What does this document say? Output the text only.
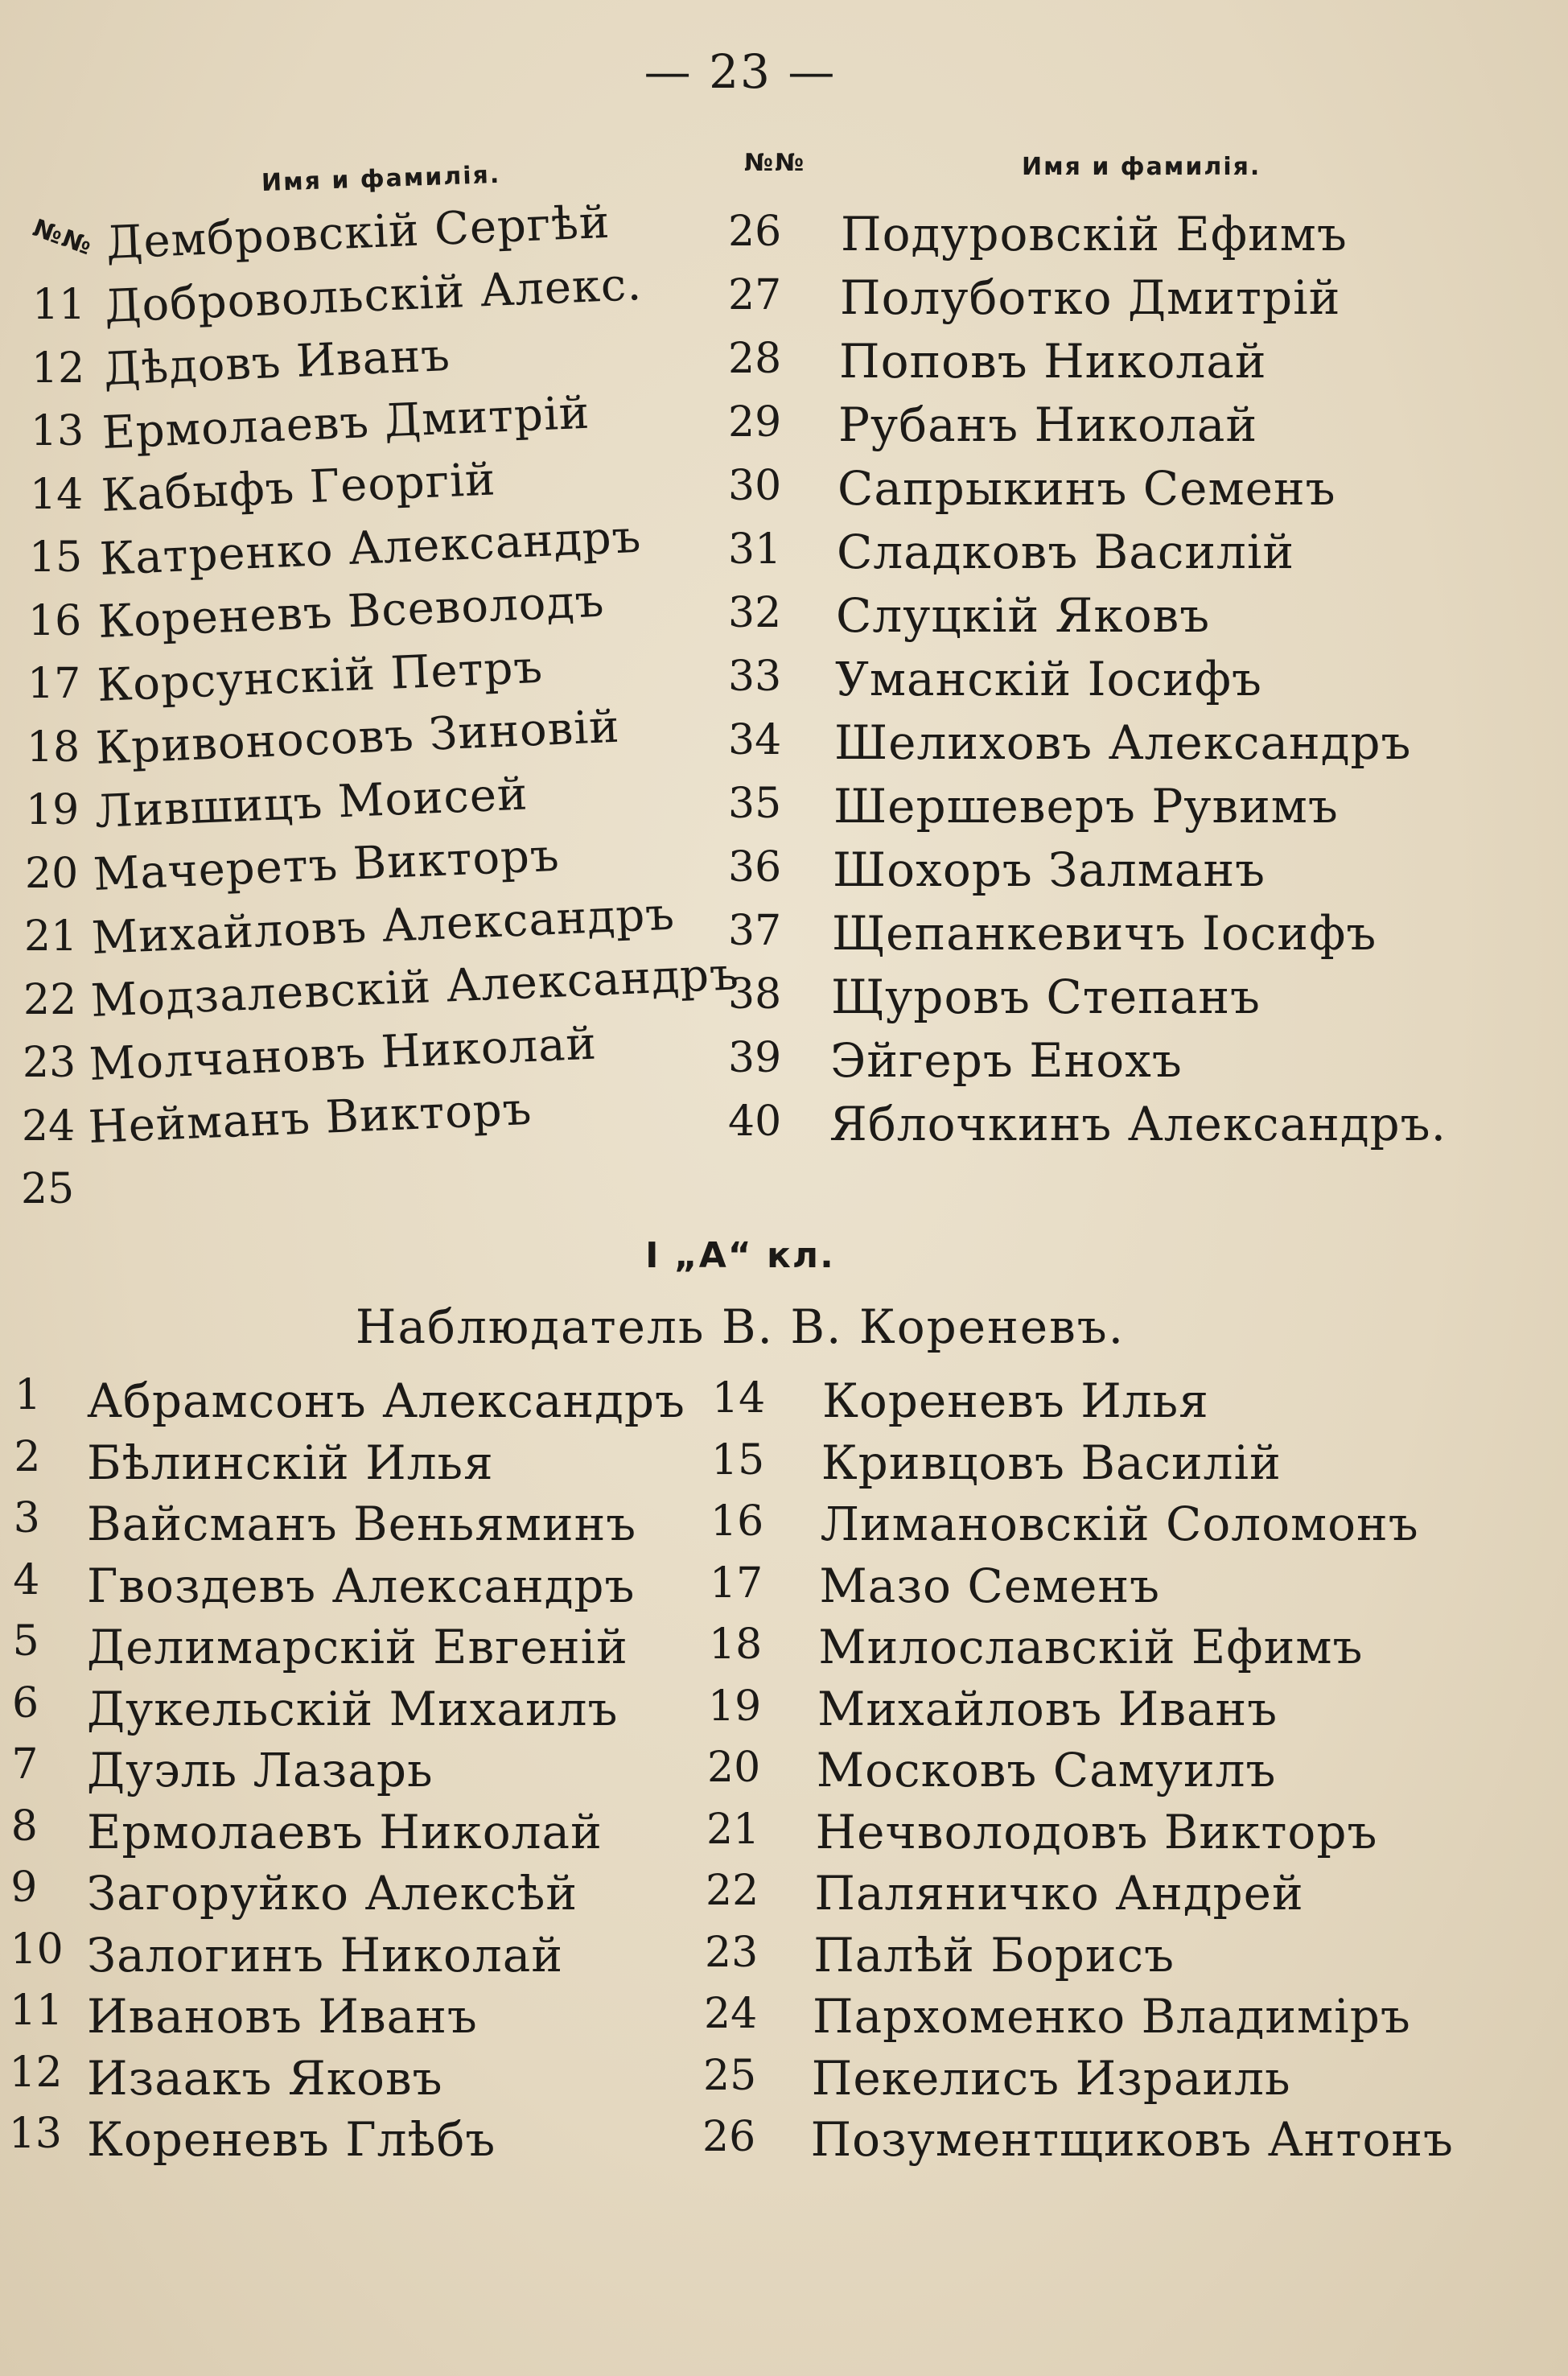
— 23 —
Имя и фамилія.
№№
№№	Имя и фамилія.
11
Дембровскій Сергѣй
12
Добровольскій Алекс.
13
Дѣдовъ Иванъ
14
Ермолаевъ Дмитрій
15
Кабыфъ Георгій
16
Катренко Александръ
17
Кореневъ Всеволодъ
18
Корсунскій Петръ
19
Кривоносовъ Зиновій
20
Лившицъ Моисей
21
Мачеретъ Викторъ
22
Михайловъ Александръ
23
Модзалевскій Александръ
24
Молчановъ Николай
25
Нейманъ Викторъ
26 Подуровскій Ефимъ
27 Полуботко Дмитрій
28 Поповъ Николай
29 Рубанъ Николай
30 Сапрыкинъ Семенъ
31 Сладковъ Василій
32 Слуцкій Яковъ
33 Уманскій Іосифъ
34 Шелиховъ Александръ
35 Шершеверъ Рувимъ
36 Шохоръ Залманъ
37 Щепанкевичъ Іосифъ
38 Щуровъ Степанъ
39 Эйгеръ Енохъ
40 Яблочкинъ Александръ.
I „А“ кл.
Наблюдатель В. В. Кореневъ.
1 Абрамсонъ Александръ
2 Бѣлинскій Илья
3 Вайсманъ Веньяминъ
4 Гвоздевъ Александръ
5 Делимарскій Евгеній
6 Дукельскій Михаилъ
7 Дуэль Лазарь
8 Ермолаевъ Николай
9 Загоруйко Алексѣй
10 Залогинъ Николай
11 Ивановъ Иванъ
12 Изаакъ Яковъ
13 Кореневъ Глѣбъ
14 Кореневъ Илья
15 Кривцовъ Василій
16 Лимановскій Соломонъ
17 Мазо Семенъ
18 Милославскій Ефимъ
19 Михайловъ Иванъ
20 Московъ Самуилъ
21 Нечволодовъ Викторъ
22 Паляничко Андрей
23 Палѣй Борисъ
24 Пархоменко Владиміръ
25 Пекелисъ Израиль
26 Позументщиковъ Антонъ
